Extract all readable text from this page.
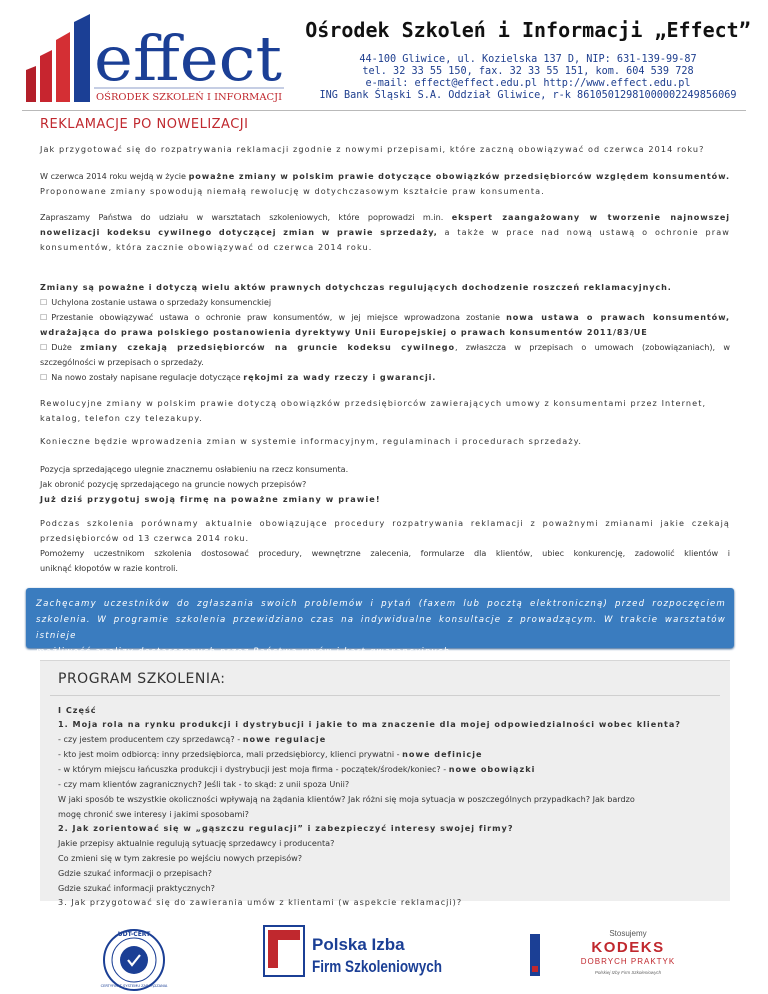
effect
OŚRODEK SZKOLEŃ I INFORMACJI
Ośrodek Szkoleń i Informacji „Effect”
44-100 Gliwice, ul. Kozielska 137 D, NIP: 631-139-99-87
tel. 32 33 55 150, fax. 32 33 55 151, kom. 604 539 728
e-mail: effect@effect.edu.pl http://www.effect.edu.pl
ING Bank Śląski S.A. Oddział Gliwice, r-k 86105012981000002249856069
REKLAMACJE PO NOWELIZACJI

Jak przygotować się do rozpatrywania reklamacji zgodnie z nowymi przepisami, które zaczną obowiązywać od czerwca 2014 roku?

W czerwca 2014 roku wejdą w życie poważne zmiany w polskim prawie dotyczące obowiązków przedsiębiorców względem konsumentów.
Proponowane zmiany spowodują niemałą rewolucję w dotychczasowym kształcie praw konsumenta.

Zapraszamy Państwa do udziału w warsztatach szkoleniowych, które poprowadzi m.in. ekspert zaangażowany w tworzenie najnowszej
nowelizacji kodeksu cywilnego dotyczącej zmian w prawie sprzedaży, a także w prace nad nową ustawą o ochronie praw
konsumentów, która zacznie obowiązywać od czerwca 2014 roku.

Zmiany są poważne i dotyczą wielu aktów prawnych dotychczas regulujących dochodzenie roszczeń reklamacyjnych.

☐ Uchylona zostanie ustawa o sprzedaży konsumenckiej
☐ Przestanie obowiązywać ustawa o ochronie praw konsumentów, w jej miejsce wprowadzona zostanie nowa ustawa o prawach konsumentów,
wdrażająca do prawa polskiego postanowienia dyrektywy Unii Europejskiej o prawach konsumentów 2011/83/UE
☐ Duże zmiany czekają przedsiębiorców na gruncie kodeksu cywilnego, zwłaszcza w przepisach o umowach (zobowiązaniach), w
szczególności w przepisach o sprzedaży.
☐ Na nowo zostały napisane regulacje dotyczące rękojmi za wady rzeczy i gwarancji.

Rewolucyjne zmiany w polskim prawie dotyczą obowiązków przedsiębiorców zawierających umowy z konsumentami przez Internet,
katalog, telefon czy telezakupy.

Konieczne będzie wprowadzenia zmian w systemie informacyjnym, regulaminach i procedurach sprzedaży.

Pozycja sprzedającego ulegnie znacznemu osłabieniu na rzecz konsumenta.
Jak obronić pozycję sprzedającego na gruncie nowych przepisów?
Już dziś przygotuj swoją firmę na poważne zmiany w prawie!

Podczas szkolenia porównamy aktualnie obowiązujące procedury rozpatrywania reklamacji z poważnymi zmianami jakie czekają
przedsiębiorców od 13 czerwca 2014 roku.
Pomożemy uczestnikom szkolenia dostosować procedury, wewnętrzne zalecenia, formularze dla klientów, ubiec konkurencję, zadowolić klientów i
uniknąć kłopotów w razie kontroli.

Zachęcamy uczestników do zgłaszania swoich problemów i pytań (faxem lub pocztą elektroniczną) przed rozpoczęciem
szkolenia. W programie szkolenia przewidziano czas na indywidualne konsultacje z prowadzącym. W trakcie warsztatów istnieje
możliwość analizy dostarczonych przez Państwa umów i kart gwarancyjnych.

PROGRAM SZKOLENIA:
I Część
1. Moja rola na rynku produkcji i dystrybucji i jakie to ma znaczenie dla mojej odpowiedzialności wobec klienta?
- czy jestem producentem czy sprzedawcą? - nowe regulacje
- kto jest moim odbiorcą: inny przedsiębiorca, mali przedsiębiorcy, klienci prywatni - nowe definicje
- w którym miejscu łańcuszka produkcji i dystrybucji jest moja firma - początek/środek/koniec? - nowe obowiązki
- czy mam klientów zagranicznych? Jeśli tak - to skąd: z unii spoza Unii?
W jaki sposób te wszystkie okoliczności wpływają na żądania klientów? Jak różni się moja sytuacja w poszczególnych przypadkach? Jak bardzo
mogę chronić swe interesy i jakimi sposobami?
2. Jak zorientować się w „gąszczu regulacji” i zabezpieczyć interesy swojej firmy?
Jakie przepisy aktualnie regulują sytuację sprzedawcy i producenta?
Co zmieni się w tym zakresie po wejściu nowych przepisów?
Gdzie szukać informacji o przepisach?
Gdzie szukać informacji praktycznych?
3. Jak przygotować się do zawierania umów z klientami (w aspekcie reklamacji)?
UDT-CERT
CERTYFIKAT SYSTEMU ZARZĄDZANIA
Polska Izba
Firm Szkoleniowych
Stosujemy
KODEKS
DOBRYCH PRAKTYK
Polskiej Izby Firm Szkoleniowych
